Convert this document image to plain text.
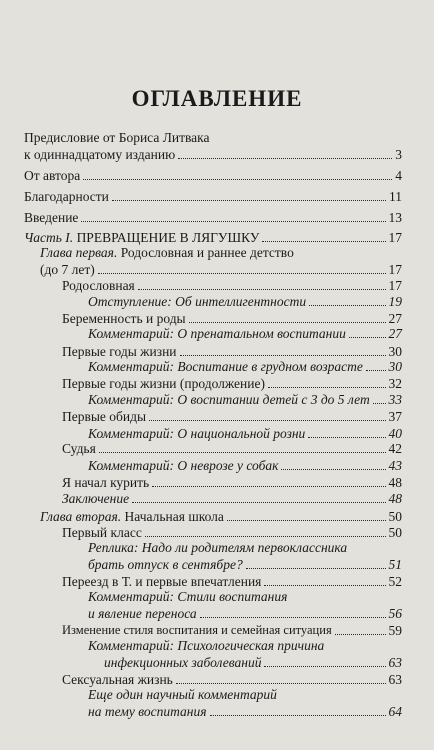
ОГЛАВЛЕНИЕ
Предисловие от Бориса Литвака
к одиннадцатому изданию	3
От автора	4
Благодарности	11
Введение	13
Часть I. ПРЕВРАЩЕНИЕ В ЛЯГУШКУ	17
Глава первая. Родословная и раннее детство
(до 7 лет)	17
Родословная	17
Отступление: Об интеллигентности	19
Беременность и роды	27
Комментарий: О пренатальном воспитании	27
Первые годы жизни	30
Комментарий: Воспитание в грудном возрасте 30
Первые годы жизни (продолжение)	32
Комментарий: О воспитании детей с 3 до 5 лет 33
Первые обиды	37
Комментарий: О национальной розни	40
Судья	42
Комментарий: О неврозе у собак	43
Я начал курить	48
Заключение	48
Глава вторая. Начальная школа	50
Первый класс	50
Реплика: Надо ли родителям первоклассника
брать отпуск в сентябре?	51
Переезд в Т. и первые впечатления	52
Комментарий: Стили воспитания
и явление переноса	56
Изменение стиля воспитания и семейная ситуация	59
Комментарий: Психологическая причина
инфекционных заболеваний	63
Сексуальная жизнь	63
Еще один научный комментарий
на тему воспитания	64
